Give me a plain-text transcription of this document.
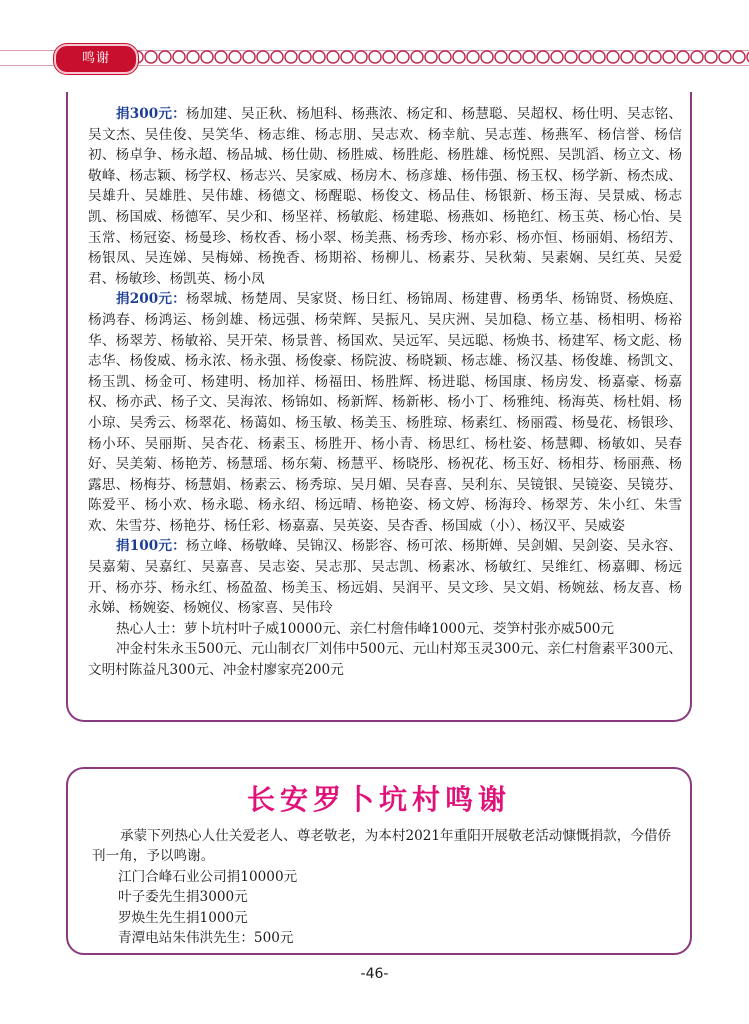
鸣谢

捐300元：杨加建、吴正秋、杨旭科、杨燕浓、杨定和、杨慧聪、吴超权、杨仕明、吴志铭、吴文杰、吴佳俊、吴笑华、杨志维、杨志朋、吴志欢、杨幸航、吴志莲、杨燕军、杨信誉、杨信初、杨卓争、杨永超、杨品城、杨仕勋、杨胜威、杨胜彪、杨胜雄、杨悦熙、吴凯滔、杨立文、杨敬峰、杨志颖、杨学权、杨志兴、吴家威、杨房木、杨彦雄、杨伟强、杨玉权、杨学新、杨杰成、吴雄升、吴雄胜、吴伟雄、杨德文、杨醒聪、杨俊文、杨品佳、杨银新、杨玉海、吴景威、杨志凯、杨国威、杨德军、吴少和、杨坚祥、杨敏彪、杨建聪、杨燕如、杨艳红、杨玉英、杨心怡、吴玉常、杨冠姿、杨曼珍、杨枚香、杨小翠、杨美燕、杨秀珍、杨亦彩、杨亦恒、杨丽娟、杨绍芳、杨银凤、吴连娣、吴梅娣、杨挽香、杨期裕、杨柳儿、杨素芬、吴秋菊、吴素娴、吴红英、吴爱君、杨敏珍、杨凯英、杨小凤

捐200元：杨翠城、杨楚周、吴家贤、杨日红、杨锦周、杨建曹、杨勇华、杨锦贤、杨焕庭、杨鸿春、杨鸿运、杨剑雄、杨远强、杨荣辉、吴振凡、吴庆洲、吴加稳、杨立基、杨相明、杨裕华、杨翠芳、杨敏裕、吴开荣、杨景普、杨国欢、吴远军、吴远聪、杨焕书、杨建军、杨文彪、杨志华、杨俊威、杨永浓、杨永强、杨俊豪、杨院波、杨晓颖、杨志雄、杨汉基、杨俊雄、杨凯文、杨玉凯、杨金可、杨建明、杨加祥、杨福田、杨胜辉、杨进聪、杨国康、杨房发、杨嘉豪、杨嘉权、杨亦武、杨子文、吴海浓、杨锦如、杨新辉、杨新彬、杨小丁、杨雅纯、杨海英、杨杜娟、杨小琼、吴秀云、杨翠花、杨蔼如、杨玉敏、杨美玉、杨胜琼、杨素红、杨丽霞、杨曼花、杨银珍、杨小环、吴丽斯、吴杏花、杨素玉、杨胜开、杨小青、杨思红、杨杜姿、杨慧卿、杨敏如、吴春好、吴美菊、杨艳芳、杨慧瑶、杨东菊、杨慧平、杨晓彤、杨祝花、杨玉好、杨相芬、杨丽燕、杨露思、杨梅芬、杨慧娟、杨素云、杨秀琼、吴月媚、吴春喜、吴利东、吴镜银、吴镜姿、吴镜芬、陈爱平、杨小欢、杨永聪、杨永绍、杨远晴、杨艳姿、杨文婷、杨海玲、杨翠芳、朱小红、朱雪欢、朱雪芬、杨艳芬、杨任彩、杨嘉嘉、吴英姿、吴杏香、杨国威（小）、杨汉平、吴威姿

捐100元：杨立峰、杨敬峰、吴锦汉、杨影容、杨可浓、杨斯婵、吴剑媚、吴剑姿、吴永容、吴嘉菊、吴嘉红、吴嘉喜、吴志姿、吴志那、吴志凯、杨素冰、杨敏红、吴维红、杨嘉卿、杨远开、杨亦芬、杨永红、杨盈盈、杨美玉、杨远娟、吴润平、吴文珍、吴文娟、杨婉兹、杨友喜、杨永娣、杨婉姿、杨婉仪、杨家喜、吴伟玲

热心人士：萝卜坑村叶子威10000元、亲仁村詹伟峰1000元、茭笋村张亦威500元

冲金村朱永玉500元、元山制衣厂刘伟中500元、元山村郑玉灵300元、亲仁村詹素平300元、文明村陈益凡300元、冲金村廖家亮200元

长安罗卜坑村鸣谢

承蒙下列热心人仕关爱老人、尊老敬老，为本村2021年重阳开展敬老活动慷慨捐款，今借侨刊一角，予以鸣谢。

江门合峰石业公司捐10000元

叶子委先生捐3000元

罗焕生先生捐1000元

青潭电站朱伟洪先生：500元

-46-
